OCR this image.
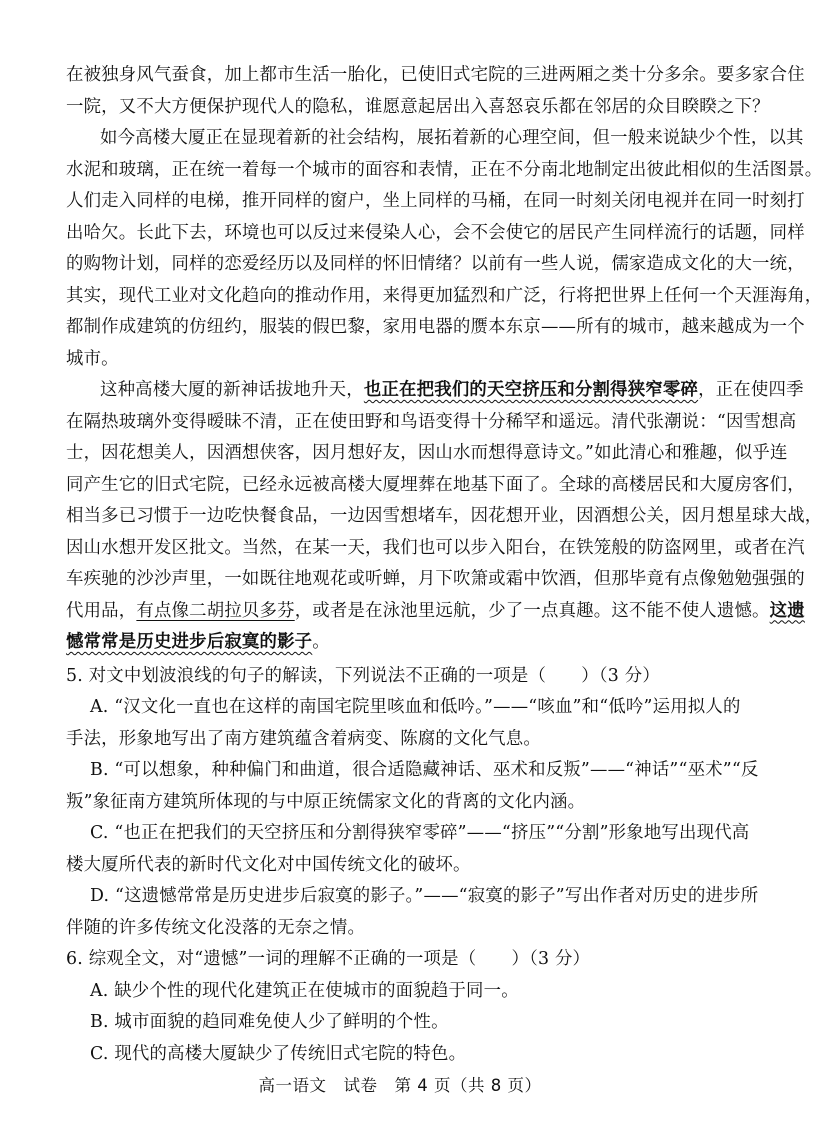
在被独身风气蚕食，加上都市生活一胎化，已使旧式宅院的三进两厢之类十分多余。要多家合住
一院，又不大方便保护现代人的隐私，谁愿意起居出入喜怒哀乐都在邻居的众目睽睽之下？
如今高楼大厦正在显现着新的社会结构，展拓着新的心理空间，但一般来说缺少个性，以其
水泥和玻璃，正在统一着每一个城市的面容和表情，正在不分南北地制定出彼此相似的生活图景。
人们走入同样的电梯，推开同样的窗户，坐上同样的马桶，在同一时刻关闭电视并在同一时刻打
出哈欠。长此下去，环境也可以反过来侵染人心，会不会使它的居民产生同样流行的话题，同样
的购物计划，同样的恋爱经历以及同样的怀旧情绪？以前有一些人说，儒家造成文化的大一统，
其实，现代工业对文化趋向的推动作用，来得更加猛烈和广泛，行将把世界上任何一个天涯海角，
都制作成建筑的仿纽约，服装的假巴黎，家用电器的赝本东京——所有的城市，越来越成为一个
城市。
这种高楼大厦的新神话拔地升天，也正在把我们的天空挤压和分割得狭窄零碎，正在使四季
在隔热玻璃外变得暧昧不清，正在使田野和鸟语变得十分稀罕和遥远。清代张潮说：“因雪想高
士，因花想美人，因酒想侠客，因月想好友，因山水而想得意诗文。”如此清心和雅趣，似乎连
同产生它的旧式宅院，已经永远被高楼大厦埋葬在地基下面了。全球的高楼居民和大厦房客们，
相当多已习惯于一边吃快餐食品，一边因雪想堵车，因花想开业，因酒想公关，因月想星球大战，
因山水想开发区批文。当然，在某一天，我们也可以步入阳台，在铁笼般的防盗网里，或者在汽
车疾驰的沙沙声里，一如既往地观花或听蝉，月下吹箫或霜中饮酒，但那毕竟有点像勉勉强强的
代用品，有点像二胡拉贝多芬，或者是在泳池里远航，少了一点真趣。这不能不使人遗憾。这遗
憾常常是历史进步后寂寞的影子。
5. 对文中划波浪线的句子的解读，下列说法不正确的一项是（　　）（3 分）
A. “汉文化一直也在这样的南国宅院里咳血和低吟。”——“咳血”和“低吟”运用拟人的
手法，形象地写出了南方建筑蕴含着病变、陈腐的文化气息。
B. “可以想象，种种偏门和曲道，很合适隐藏神话、巫术和反叛”——“神话”“巫术”“反
叛”象征南方建筑所体现的与中原正统儒家文化的背离的文化内涵。
C. “也正在把我们的天空挤压和分割得狭窄零碎”——“挤压”“分割”形象地写出现代高
楼大厦所代表的新时代文化对中国传统文化的破坏。
D. “这遗憾常常是历史进步后寂寞的影子。”——“寂寞的影子”写出作者对历史的进步所
伴随的许多传统文化没落的无奈之情。
6. 综观全文，对“遗憾”一词的理解不正确的一项是（　　）（3 分）
A. 缺少个性的现代化建筑正在使城市的面貌趋于同一。
B. 城市面貌的趋同难免使人少了鲜明的个性。
C. 现代的高楼大厦缺少了传统旧式宅院的特色。
高一语文　试卷　第 4 页（共 8 页）
